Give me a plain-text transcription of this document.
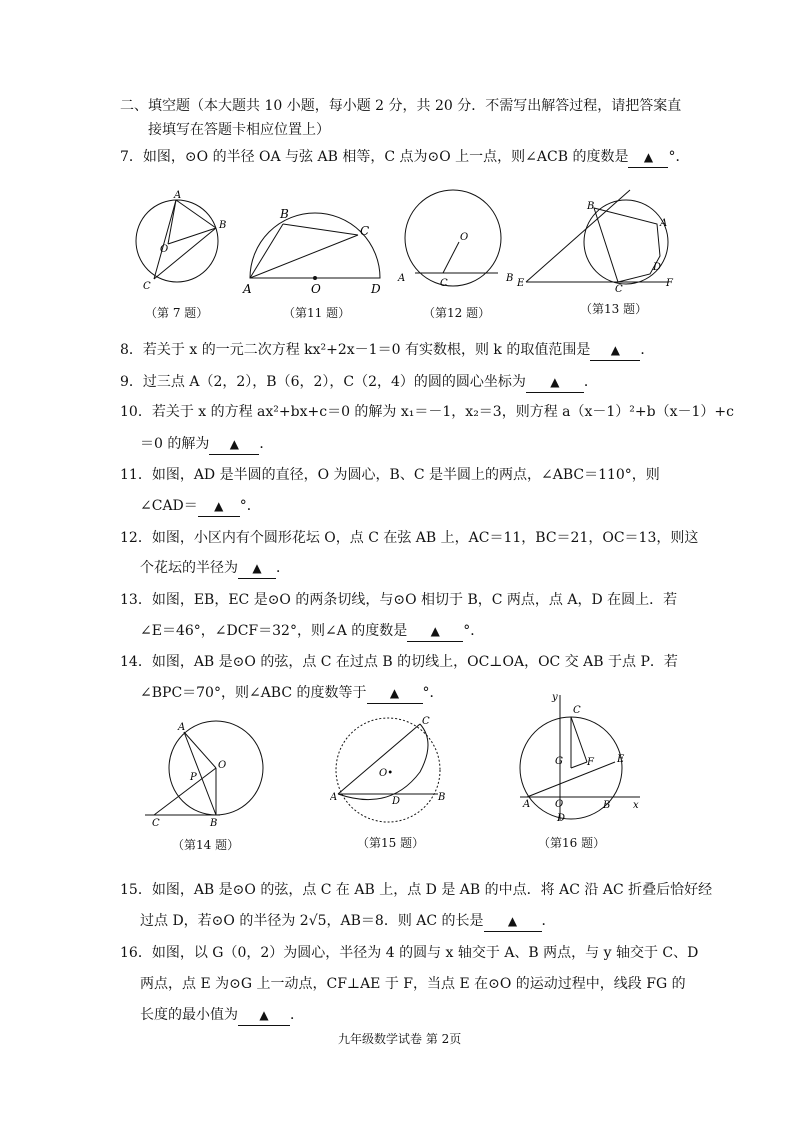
二、填空题（本大题共 10 小题，每小题 2 分，共 20 分．不需写出解答过程，请把答案直
接填写在答题卡相应位置上）
7．如图，⊙O 的半径 OA 与弦 AB 相等，C 点为⊙O 上一点，则∠ACB 的度数是 ▲ °．
A
B
O
C
（第 7 题）
A
B
C
O	D
（第11 题）
O
C
A	B
（第12 题）
E
B
A
D
C
F
（第13 题）
8．若关于 x 的一元二次方程 kx²+2x－1＝0 有实数根，则 k 的取值范围是 ▲ ．
9．过三点 A（2，2），B（6，2），C（2，4）的圆的圆心坐标为 ▲ ．
10．若关于 x 的方程 ax²+bx+c＝0 的解为 x₁＝－1，x₂＝3，则方程 a（x－1）²+b（x－1）+c
＝0 的解为 ▲ ．
11．如图，AD 是半圆的直径，O 为圆心，B、C 是半圆上的两点，∠ABC＝110°，则
∠CAD＝ ▲ °．
12．如图，小区内有个圆形花坛 O，点 C 在弦 AB 上，AC＝11，BC＝21，OC＝13，则这
个花坛的半径为 ▲ ．
13．如图，EB，EC 是⊙O 的两条切线，与⊙O 相切于 B，C 两点，点 A，D 在圆上．若
∠E＝46°，∠DCF＝32°，则∠A 的度数是 ▲ °．
14．如图，AB 是⊙O 的弦，点 C 在过点 B 的切线上，OC⊥OA，OC 交 AB 于点 P．若
∠BPC＝70°，则∠ABC 的度数等于 ▲ °．
A
O
P
C	B
（第14 题）
C
A	B
D
O•
（第15 题）
y
x
C
G F E
A O	B
D
（第16 题）
15．如图，AB 是⊙O 的弦，点 C 在 AB 上，点 D 是 AB 的中点．将 AC 沿 AC 折叠后恰好经
过点 D，若⊙O 的半径为 2√5，AB＝8．则 AC 的长是 ▲ ．
16．如图，以 G（0，2）为圆心，半径为 4 的圆与 x 轴交于 A、B 两点，与 y 轴交于 C、D
两点，点 E 为⊙G 上一动点，CF⊥AE 于 F，当点 E 在⊙O 的运动过程中，线段 FG 的
长度的最小值为 ▲ ．
九年级数学试卷 第 2页
